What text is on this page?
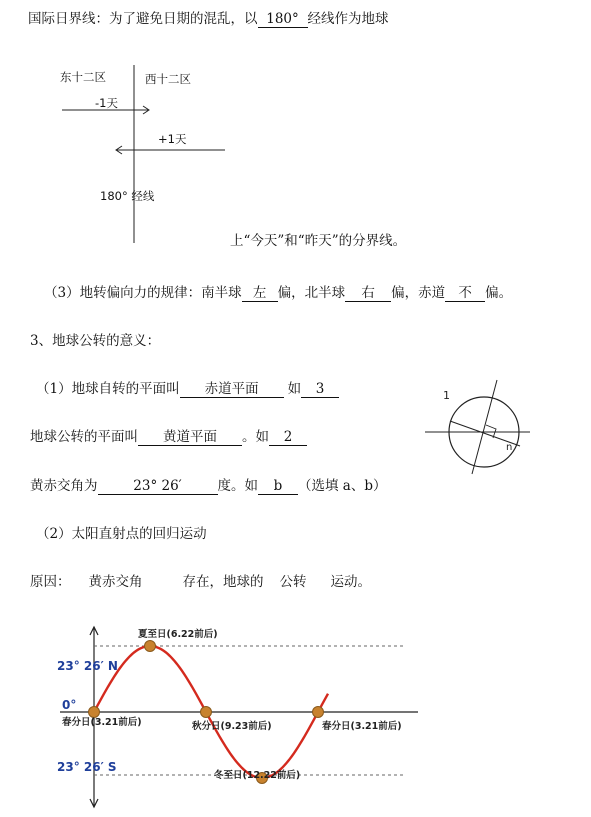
国际日界线：为了避免日期的混乱，以 180° 经线作为地球
东十二区	西十二区
-1天
+1天
180° 经线
上“今天”和“昨天”的分界线。
（3）地转偏向力的规律：南半球 左 偏，北半球 右 偏，赤道 不 偏。
3、地球公转的意义：
（1）地球自转的平面叫 赤道平面 如 3	1
n
地球公转的平面叫 黄道平面 。如 2
黄赤交角为	23° 26′	度。如 b （选填 a、b）
（2）太阳直射点的回归运动
原因： 黄赤交角	存在，地球的 公转 运动。
23° 26′ N
0°
23° 26′ S
春分日(3.21前后)
夏至日(6.22前后)
秋分日(9.23前后)
冬至日(12.22前后)
春分日(3.21前后)
